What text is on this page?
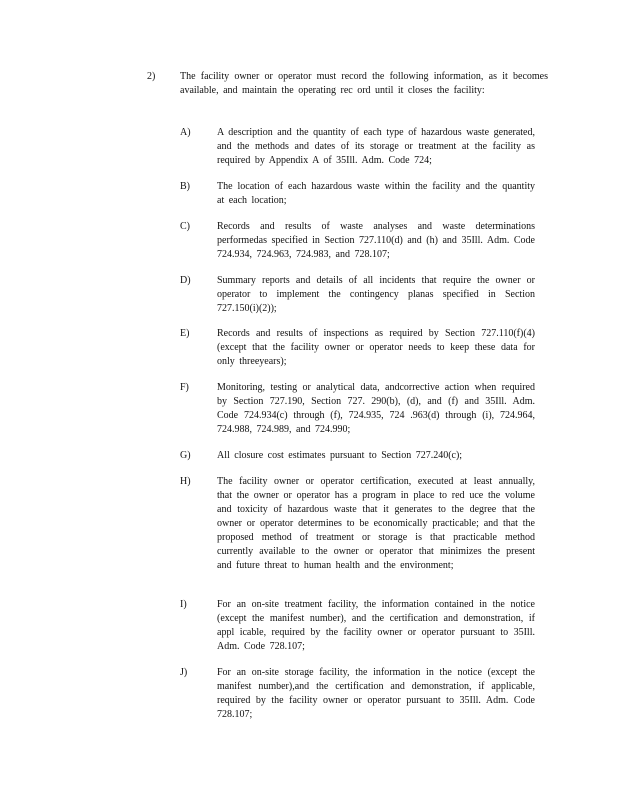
2)	The facility owner or operator must record the following information, as it becomes available, and maintain the operating rec ord until it closes the facility:
A)	A description and the quantity of each type of hazardous waste generated, and the methods and dates of its storage or treatment at the facility as required by Appendix A of 35Ill. Adm. Code 724;
B)	The location of each hazardous waste within the facility and the quantity at each location;
C)	Records and results of waste analyses and waste determinations performedas specified in Section 727.110(d) and (h) and 35Ill. Adm. Code 724.934, 724.963, 724.983, and 728.107;
D)	Summary reports and details of all incidents that require the owner or operator to implement the contingency planas specified in Section 727.150(i)(2));
E)	Records and results of inspections as required by Section 727.110(f)(4) (except that the facility owner or operator needs to keep these data for only threeyears);
F)	Monitoring, testing or analytical data, andcorrective action when required by Section 727.190, Section 727. 290(b), (d), and (f) and 35Ill. Adm. Code 724.934(c) through (f), 724.935, 724 .963(d) through (i), 724.964, 724.988, 724.989, and 724.990;
G)	All closure cost estimates pursuant to Section 727.240(c);
H)	The facility owner or operator certification, executed at least annually, that the owner or operator has a program in place to red uce the volume and toxicity of hazardous waste that it generates to the degree that the owner or operator determines to be economically practicable; and that the proposed method of treatment or storage is that practicable method currently available to the owner or operator that minimizes the present and future threat to human health and the environment;
I)	For an on-site treatment facility, the information contained in the notice (except the manifest number), and the certification and demonstration, if appl icable, required by the facility owner or operator pursuant to 35Ill. Adm. Code 728.107;
J)	For an on-site storage facility, the information in the notice (except the manifest number),and the certification and demonstration, if applicable, required by the facility owner or operator pursuant to 35Ill. Adm. Code 728.107;
